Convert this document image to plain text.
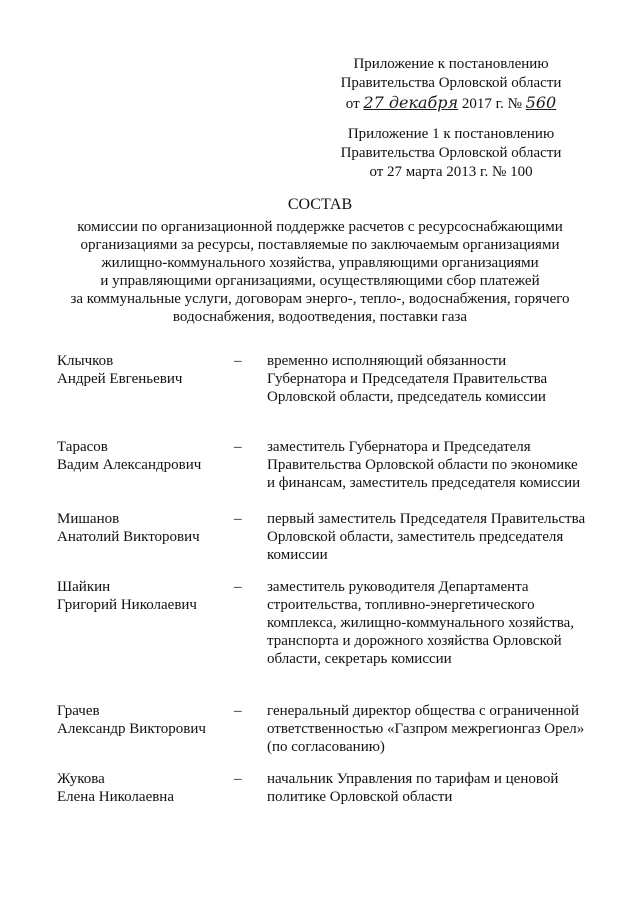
Приложение к постановлению
Правительства Орловской области
от 27 декабря 2017 г. № 560
Приложение 1 к постановлению
Правительства Орловской области
от 27 марта 2013 г. № 100
СОСТАВ
комиссии по организационной поддержке расчетов с ресурсоснабжающими
организациями за ресурсы, поставляемые по заключаемым организациями
жилищно-коммунального хозяйства, управляющими организациями
и управляющими организациями, осуществляющими сбор платежей
за коммунальные услуги, договорам энерго-, тепло-, водоснабжения, горячего
водоснабжения, водоотведения, поставки газа
Клычков
Андрей Евгеньевич
– временно исполняющий обязанности
Губернатора и Председателя Правительства
Орловской области, председатель комиссии
Тарасов
Вадим Александрович
– заместитель Губернатора и Председателя
Правительства Орловской области по экономике
и финансам, заместитель председателя комиссии
Мишанов
Анатолий Викторович
– первый заместитель Председателя Правительства
Орловской области, заместитель председателя
комиссии
Шайкин
Григорий Николаевич
– заместитель руководителя Департамента
строительства, топливно-энергетического
комплекса, жилищно-коммунального хозяйства,
транспорта и дорожного хозяйства Орловской
области, секретарь комиссии
Грачев
Александр Викторович
– генеральный директор общества с ограниченной
ответственностью «Газпром межрегионгаз Орел»
(по согласованию)
Жукова
Елена Николаевна
– начальник Управления по тарифам и ценовой
политике Орловской области
